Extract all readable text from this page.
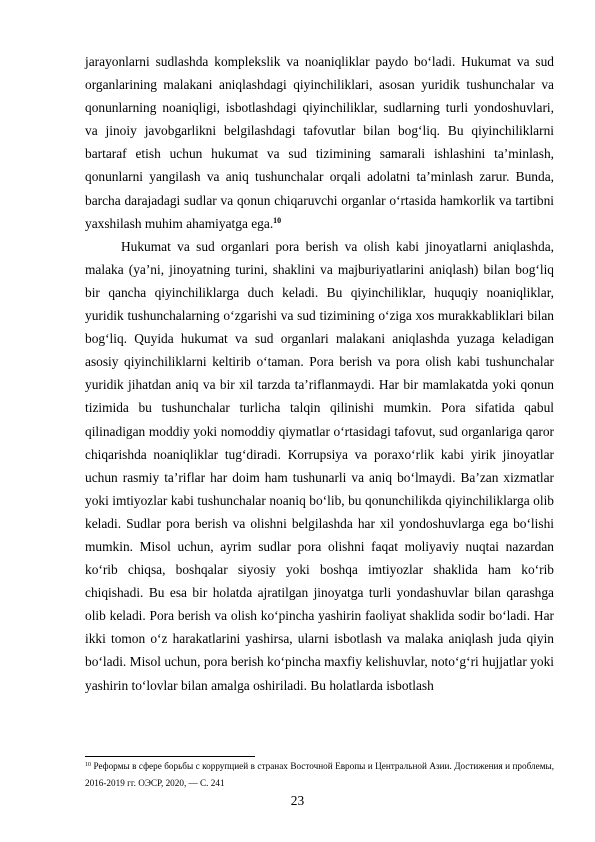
jarayonlarni sudlashda komplekslik va noaniqliklar paydo bo‘ladi. Hukumat va sud organlarining malakani aniqlashdagi qiyinchiliklari, asosan yuridik tushunchalar va qonunlarning noaniqligi, isbotlashdagi qiyinchiliklar, sudlarning turli yondoshuvlari, va jinoiy javobgarlikni belgilashdagi tafovutlar bilan bog‘liq. Bu qiyinchiliklarni bartaraf etish uchun hukumat va sud tizimining samarali ishlashini ta’minlash, qonunlarni yangilash va aniq tushunchalar orqali adolatni ta’minlash zarur. Bunda, barcha darajadagi sudlar va qonun chiqaruvchi organlar o‘rtasida hamkorlik va tartibni yaxshilash muhim ahamiyatga ega.$^{10}$

Hukumat va sud organlari pora berish va olish kabi jinoyatlarni aniqlashda, malaka (ya’ni, jinoyatning turini, shaklini va majburiyatlarini aniqlash) bilan bog‘liq bir qancha qiyinchiliklarga duch keladi. Bu qiyinchiliklar, huquqiy noaniqliklar, yuridik tushunchalarning o‘zgarishi va sud tizimining o‘ziga xos murakkabliklari bilan bog‘liq. Quyida hukumat va sud organlari malakani aniqlashda yuzaga keladigan asosiy qiyinchiliklarni keltirib o‘taman. Pora berish va pora olish kabi tushunchalar yuridik jihatdan aniq va bir xil tarzda ta’riflanmaydi. Har bir mamlakatda yoki qonun tizimida bu tushunchalar turlicha talqin qilinishi mumkin. Pora sifatida qabul qilinadigan moddiy yoki nomoddiy qiymatlar o‘rtasidagi tafovut, sud organlariga qaror chiqarishda noaniqliklar tug‘diradi. Korrupsiya va poraxo‘rlik kabi yirik jinoyatlar uchun rasmiy ta’riflar har doim ham tushunarli va aniq bo‘lmaydi. Ba’zan xizmatlar yoki imtiyozlar kabi tushunchalar noaniq bo‘lib, bu qonunchilikda qiyinchiliklarga olib keladi. Sudlar pora berish va olishni belgilashda har xil yondoshuvlarga ega bo‘lishi mumkin. Misol uchun, ayrim sudlar pora olishni faqat moliyaviy nuqtai nazardan ko‘rib chiqsa, boshqalar siyosiy yoki boshqa imtiyozlar shaklida ham ko‘rib chiqishadi. Bu esa bir holatda ajratilgan jinoyatga turli yondashuvlar bilan qarashga olib keladi. Pora berish va olish ko‘pincha yashirin faoliyat shaklida sodir bo‘ladi. Har ikki tomon o‘z harakatlarini yashirsa, ularni isbotlash va malaka aniqlash juda qiyin bo‘ladi. Misol uchun, pora berish ko‘pincha maxfiy kelishuvlar, noto‘g‘ri hujjatlar yoki yashirin to‘lovlar bilan amalga oshiriladi. Bu holatlarda isbotlash

$^{10}$ Реформы в сфере борьбы с коррупцией в странах Восточной Европы и Центральной Азии. Достижения и проблемы, 2016-2019 гг. ОЭСР, 2020, — С. 241
23
